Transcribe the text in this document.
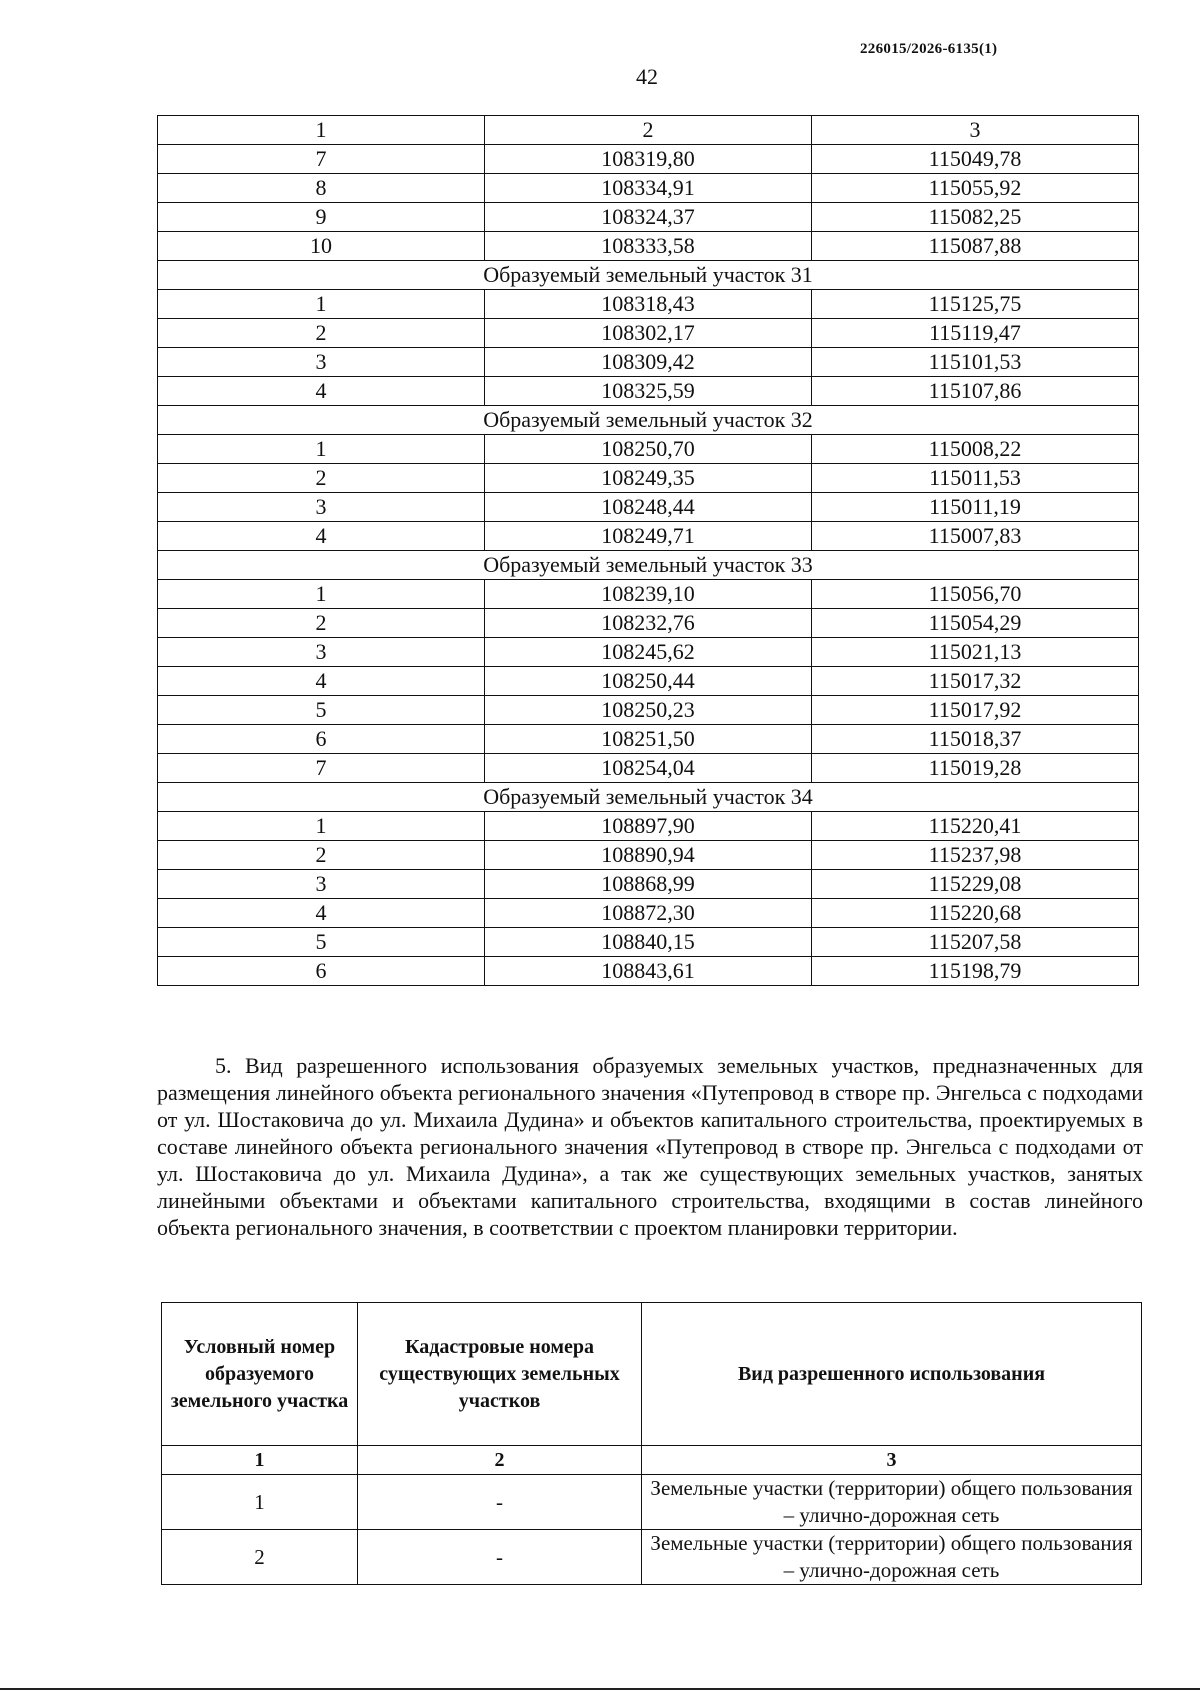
226015/2026-6135(1)
42
1	2	3
7	108319,80	115049,78
8	108334,91	115055,92
9	108324,37	115082,25
10	108333,58	115087,88
Образуемый земельный участок 31		
1	108318,43	115125,75
2	108302,17	115119,47
3	108309,42	115101,53
4	108325,59	115107,86
Образуемый земельный участок 32		
1	108250,70	115008,22
2	108249,35	115011,53
3	108248,44	115011,19
4	108249,71	115007,83
Образуемый земельный участок 33		
1	108239,10	115056,70
2	108232,76	115054,29
3	108245,62	115021,13
4	108250,44	115017,32
5	108250,23	115017,92
6	108251,50	115018,37
7	108254,04	115019,28
Образуемый земельный участок 34		
1	108897,90	115220,41
2	108890,94	115237,98
3	108868,99	115229,08
4	108872,30	115220,68
5	108840,15	115207,58
6	108843,61	115198,79

5. Вид разрешенного использования образуемых земельных участков, предназначенных для размещения линейного объекта регионального значения «Путепровод в створе пр. Энгельса с подходами от ул. Шостаковича до ул. Михаила Дудина» и объектов капитального строительства, проектируемых в составе линейного объекта регионального значения «Путепровод в створе пр. Энгельса с подходами от ул. Шостаковича до ул. Михаила Дудина», а так же существующих земельных участков, занятых линейными объектами и объектами капитального строительства, входящими в состав линейного объекта регионального значения, в соответствии с проектом планировки территории.

Условный номер образуемого земельного участка	Кадастровые номера существующих земельных участков	Вид разрешенного использования
1	2	3
1	-	Земельные участки (территории) общего пользования – улично-дорожная сеть
2	-	Земельные участки (территории) общего пользования – улично-дорожная сеть
